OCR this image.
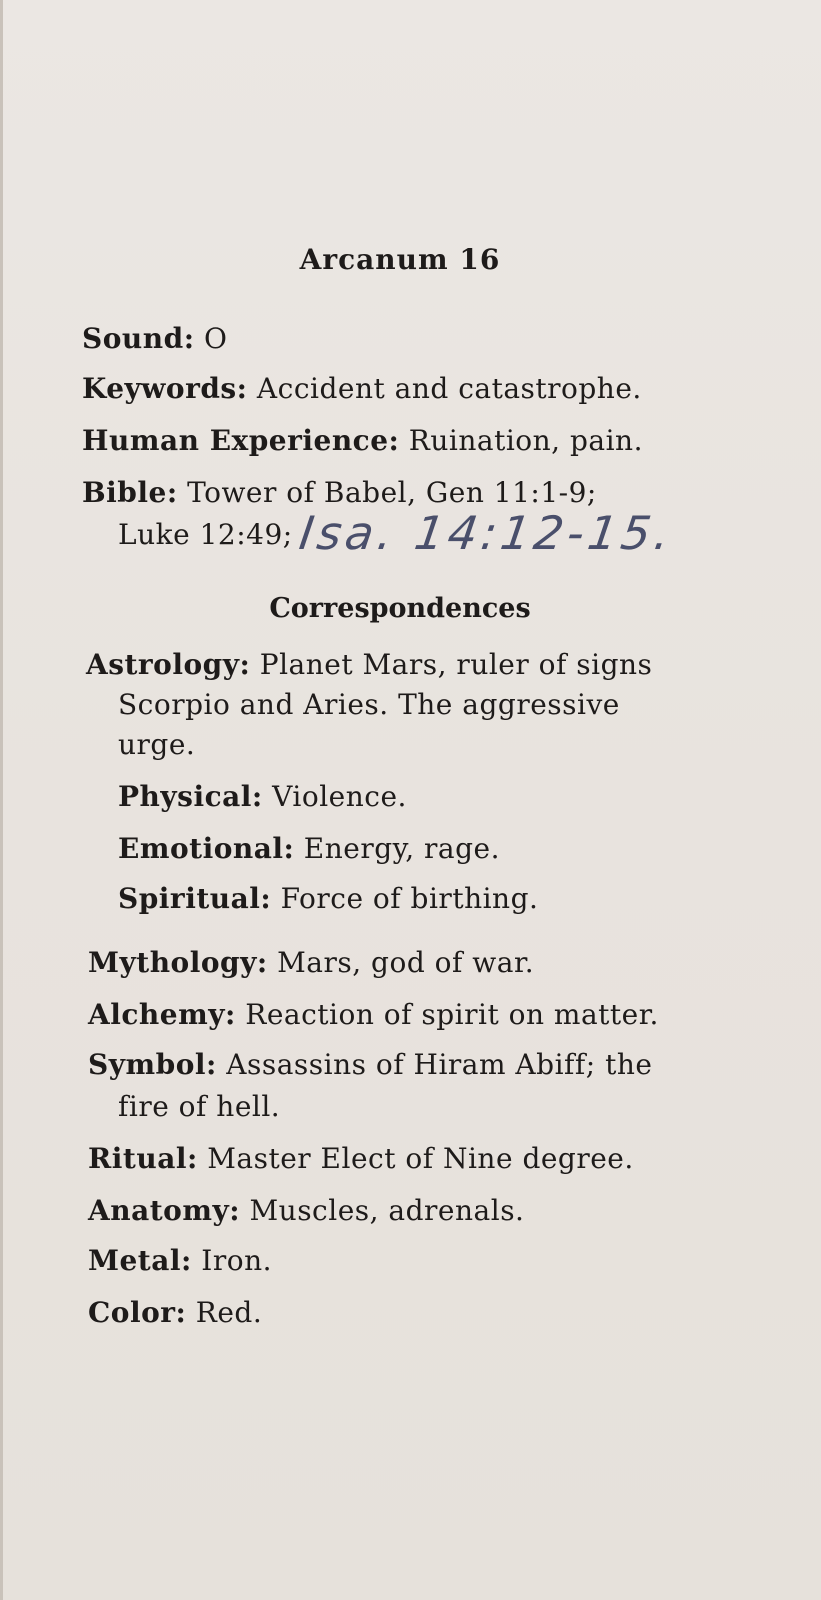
Arcanum 16
Sound: O
Keywords: Accident and catastrophe.
Human Experience: Ruination, pain.
Bible: Tower of Babel, Gen 11:1-9;
Luke 12:49; Isa. 14:12-15.
Correspondences
Astrology: Planet Mars, ruler of signs
Scorpio and Aries. The aggressive
urge.
Physical: Violence.
Emotional: Energy, rage.
Spiritual: Force of birthing.
Mythology: Mars, god of war.
Alchemy: Reaction of spirit on matter.
Symbol: Assassins of Hiram Abiff; the
fire of hell.
Ritual: Master Elect of Nine degree.
Anatomy: Muscles, adrenals.
Metal: Iron.
Color: Red.
